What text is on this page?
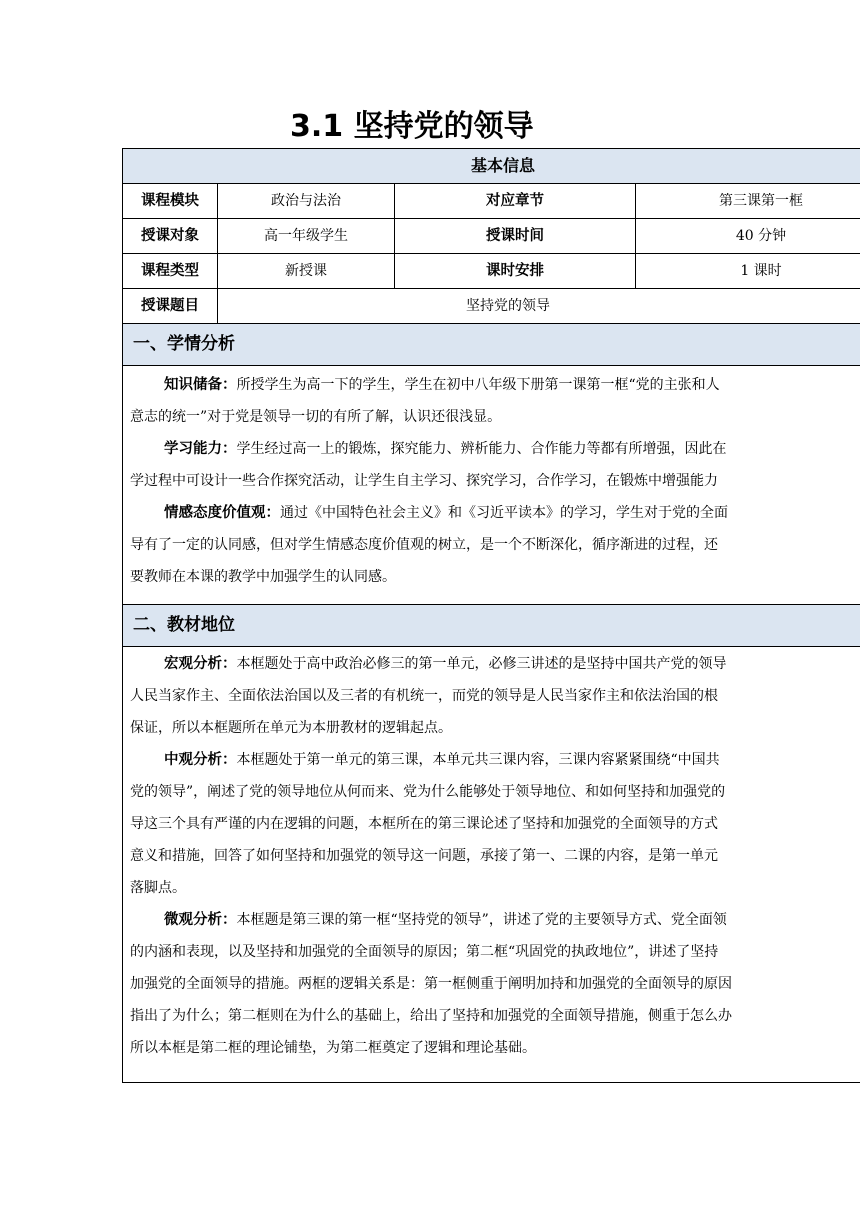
3.1 坚持党的领导
基本信息
课程模块	政治与法治	对应章节	第三课第一框
授课对象	高一年级学生	授课时间	40 分钟
课程类型	新授课	课时安排	1 课时
授课题目	坚持党的领导
一、学情分析

知识储备：所授学生为高一下的学生，学生在初中八年级下册第一课第一框“党的主张和人

意志的统一”对于党是领导一切的有所了解，认识还很浅显。

学习能力：学生经过高一上的锻炼，探究能力、辨析能力、合作能力等都有所增强，因此在

学过程中可设计一些合作探究活动，让学生自主学习、探究学习，合作学习，在锻炼中增强能力

情感态度价值观：通过《中国特色社会主义》和《习近平读本》的学习，学生对于党的全面

导有了一定的认同感，但对学生情感态度价值观的树立，是一个不断深化，循序渐进的过程，还

要教师在本课的教学中加强学生的认同感。

二、教材地位

宏观分析：本框题处于高中政治必修三的第一单元，必修三讲述的是坚持中国共产党的领导

人民当家作主、全面依法治国以及三者的有机统一，而党的领导是人民当家作主和依法治国的根

保证，所以本框题所在单元为本册教材的逻辑起点。

中观分析：本框题处于第一单元的第三课，本单元共三课内容，三课内容紧紧围绕“中国共

党的领导”，阐述了党的领导地位从何而来、党为什么能够处于领导地位、和如何坚持和加强党的

导这三个具有严谨的内在逻辑的问题，本框所在的第三课论述了坚持和加强党的全面领导的方式

意义和措施，回答了如何坚持和加强党的领导这一问题，承接了第一、二课的内容，是第一单元

落脚点。

微观分析：本框题是第三课的第一框“坚持党的领导”，讲述了党的主要领导方式、党全面领

的内涵和表现，以及坚持和加强党的全面领导的原因；第二框“巩固党的执政地位”，讲述了坚持

加强党的全面领导的措施。两框的逻辑关系是：第一框侧重于阐明加持和加强党的全面领导的原因

指出了为什么；第二框则在为什么的基础上，给出了坚持和加强党的全面领导措施，侧重于怎么办

所以本框是第二框的理论铺垫，为第二框奠定了逻辑和理论基础。
